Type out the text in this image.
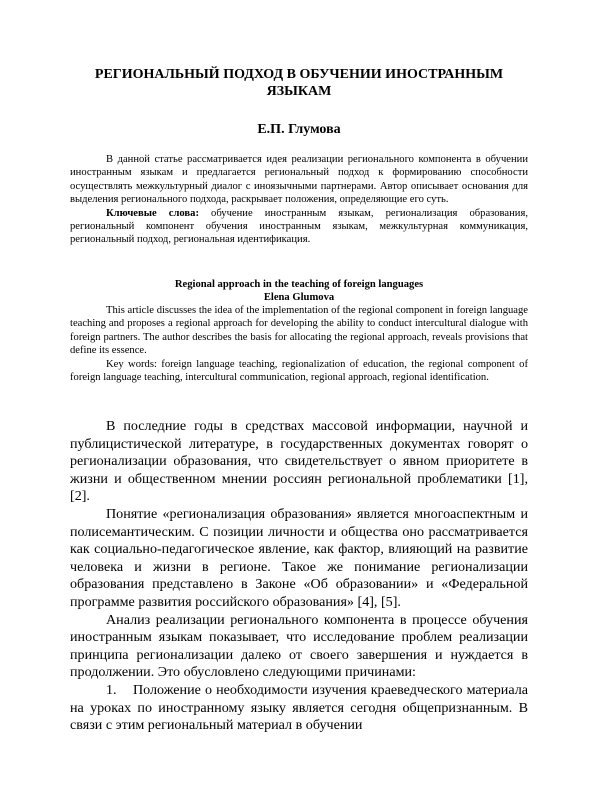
РЕГИОНАЛЬНЫЙ ПОДХОД В ОБУЧЕНИИ ИНОСТРАННЫМ ЯЗЫКАМ
Е.П. Глумова

В данной статье рассматривается идея реализации регионального компонента в обучении иностранным языкам и предлагается региональный подход к формированию способности осуществлять межкультурный диалог с иноязычными партнерами. Автор описывает основания для выделения регионального подхода, раскрывает положения, определяющие его суть.

Ключевые слова: обучение иностранным языкам, регионализация образования, региональный компонент обучения иностранным языкам, межкультурная коммуникация, региональный подход, региональная идентификация.

Regional approach in the teaching of foreign languages
Elena Glumova

This article discusses the idea of the implementation of the regional component in foreign language teaching and proposes a regional approach for developing the ability to conduct intercultural dialogue with foreign partners. The author describes the basis for allocating the regional approach, reveals provisions that define its essence.

Key words: foreign language teaching, regionalization of education, the regional component of foreign language teaching, intercultural communication, regional approach, regional identification.

В последние годы в средствах массовой информации, научной и публицистической литературе, в государственных документах говорят о регионализации образования, что свидетельствует о явном приоритете в жизни и общественном мнении россиян региональной проблематики [1], [2].

Понятие «регионализация образования» является многоаспектным и полисемантическим. С позиции личности и общества оно рассматривается как социально-педагогическое явление, как фактор, влияющий на развитие человека и жизни в регионе. Такое же понимание регионализации образования представлено в Законе «Об образовании» и «Федеральной программе развития российского образования» [4], [5].

Анализ реализации регионального компонента в процессе обучения иностранным языкам показывает, что исследование проблем реализации принципа регионализации далеко от своего завершения и нуждается в продолжении. Это обусловлено следующими причинами:

1.    Положение о необходимости изучения краеведческого материала на уроках по иностранному языку является сегодня общепризнанным. В связи с этим региональный материал в обучении
